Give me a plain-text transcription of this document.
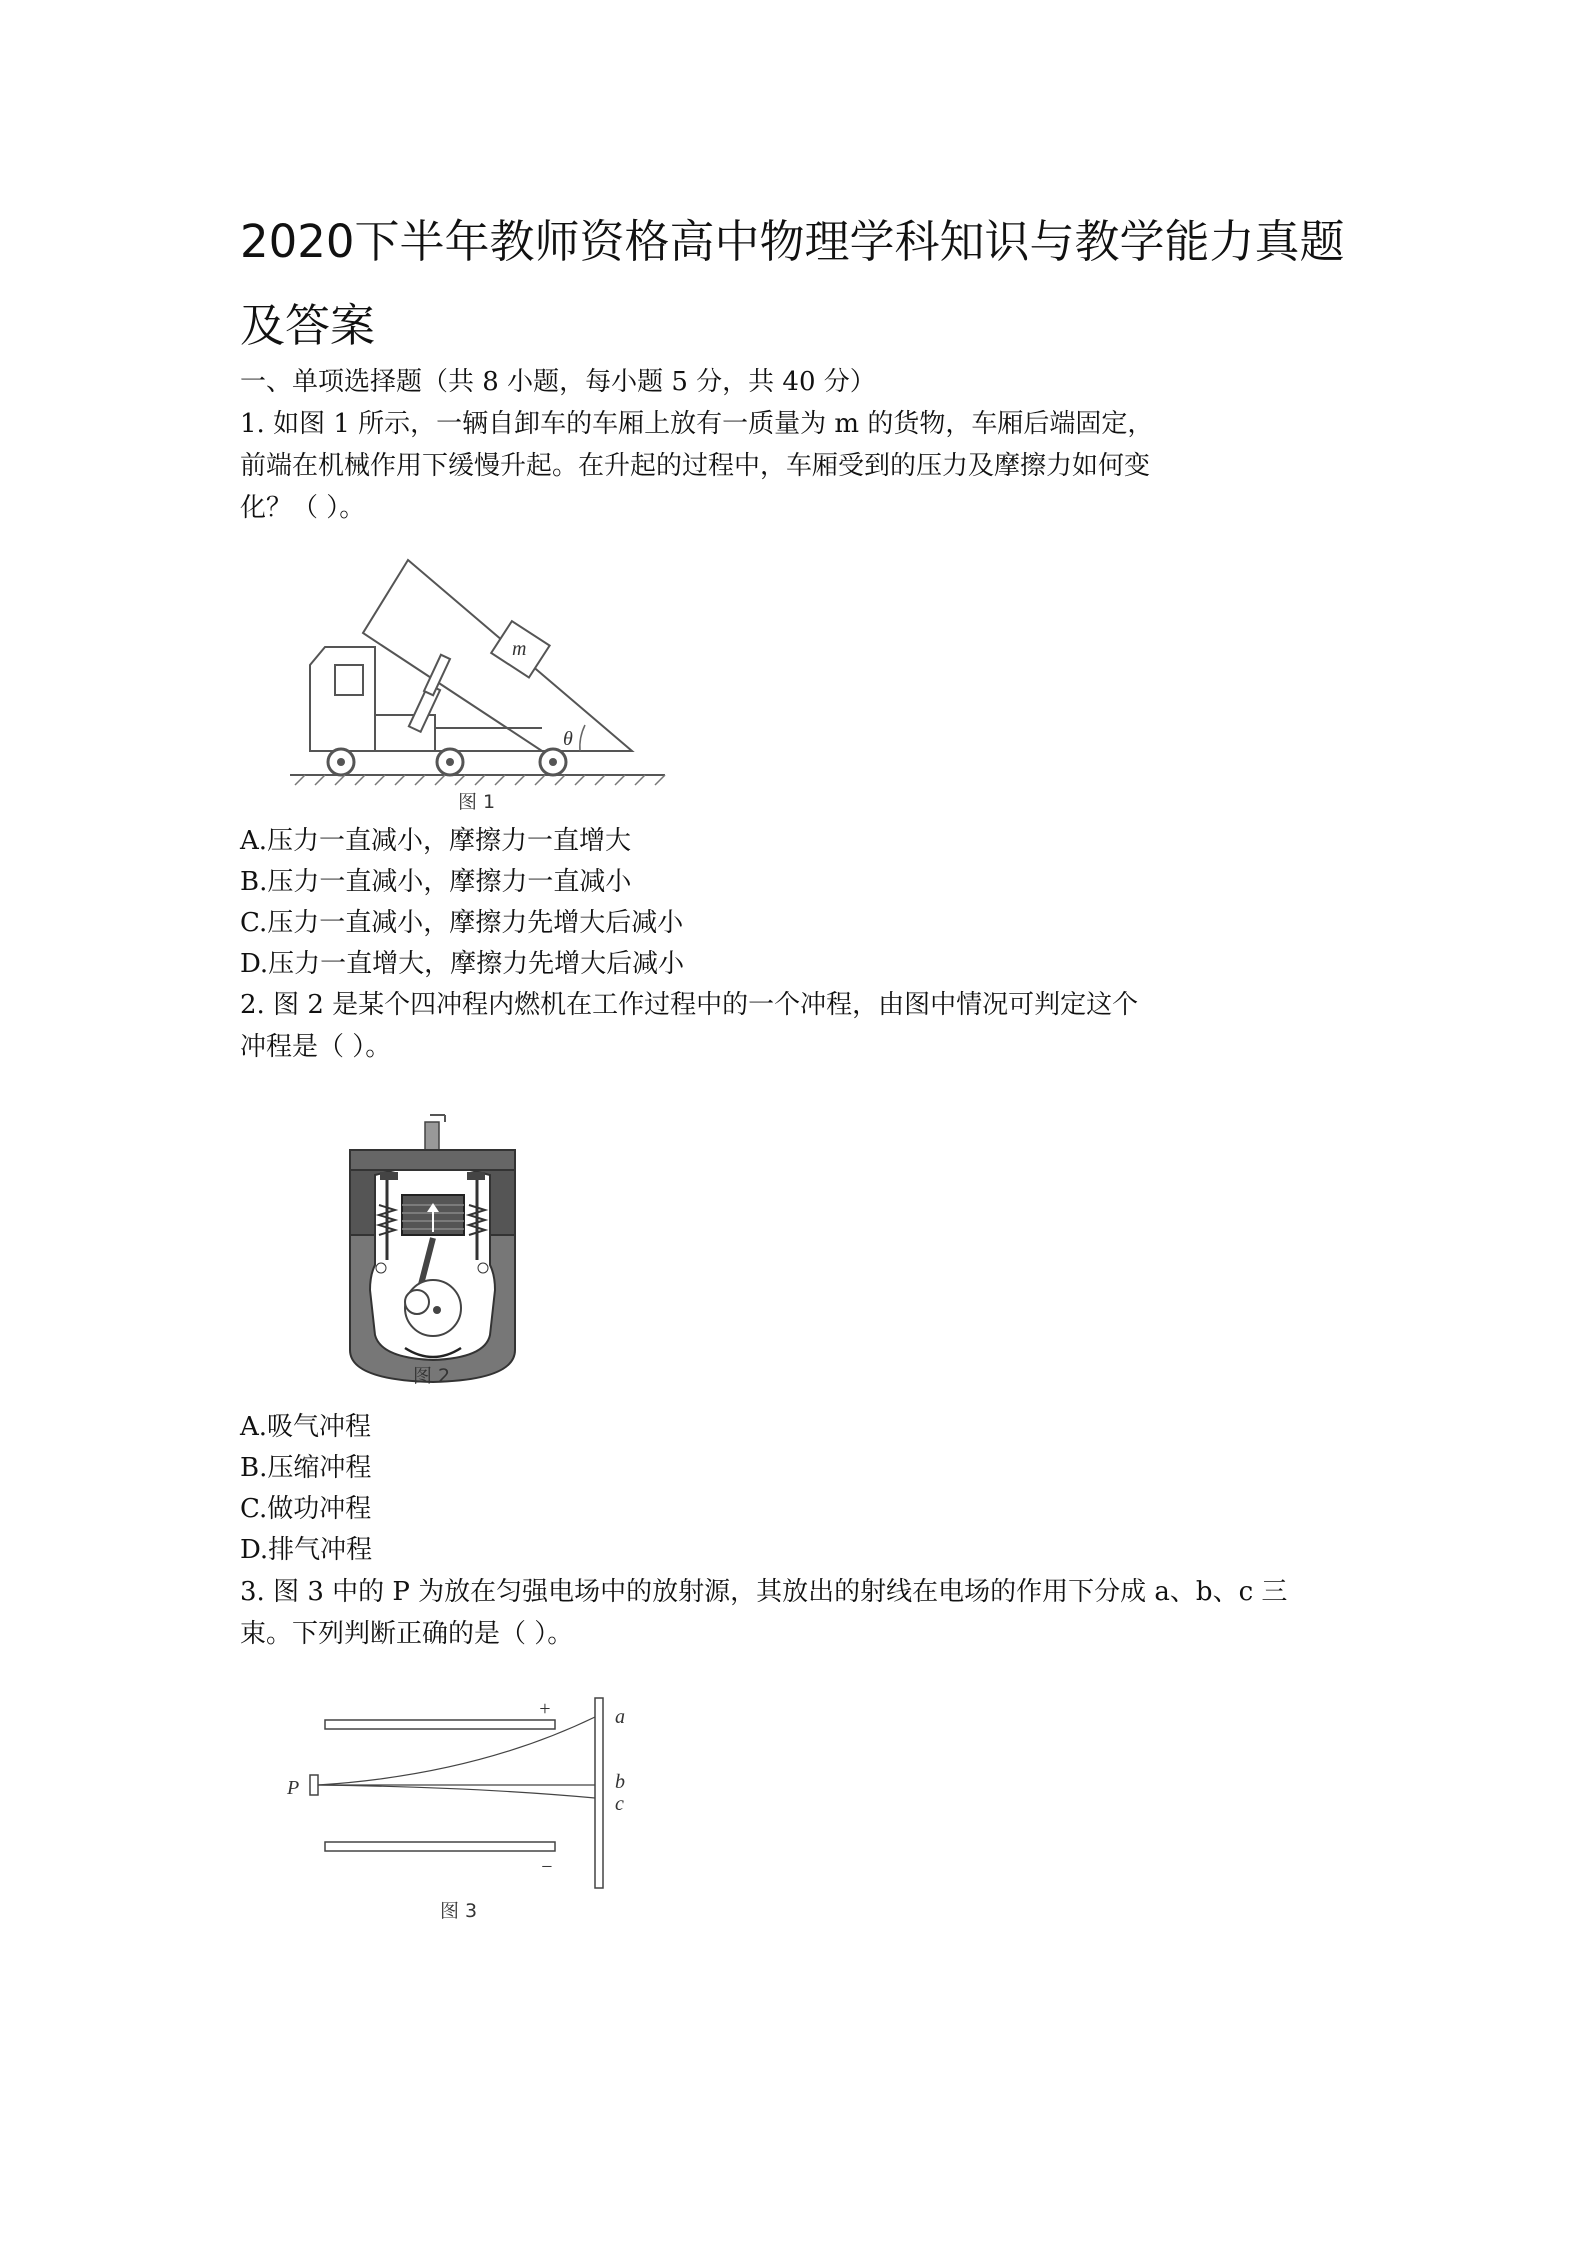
2020下半年教师资格高中物理学科知识与教学能力真题及答案
一、单项选择题（共 8 小题，每小题 5 分，共 40 分）
1. 如图 1 所示，一辆自卸车的车厢上放有一质量为 m 的货物，车厢后端固定，
前端在机械作用下缓慢升起。在升起的过程中，车厢受到的压力及摩擦力如何变
化？（ ）。
m
θ
图 1
A.压力一直减小，摩擦力一直增大
B.压力一直减小，摩擦力一直减小
C.压力一直减小，摩擦力先增大后减小
D.压力一直增大，摩擦力先增大后减小
2. 图 2 是某个四冲程内燃机在工作过程中的一个冲程，由图中情况可判定这个
冲程是（ ）。
图 2
A.吸气冲程
B.压缩冲程
C.做功冲程
D.排气冲程
3. 图 3 中的 P 为放在匀强电场中的放射源，其放出的射线在电场的作用下分成 a、b、c 三
束。下列判断正确的是（ ）。
+
−
P
a
b
c
图 3
